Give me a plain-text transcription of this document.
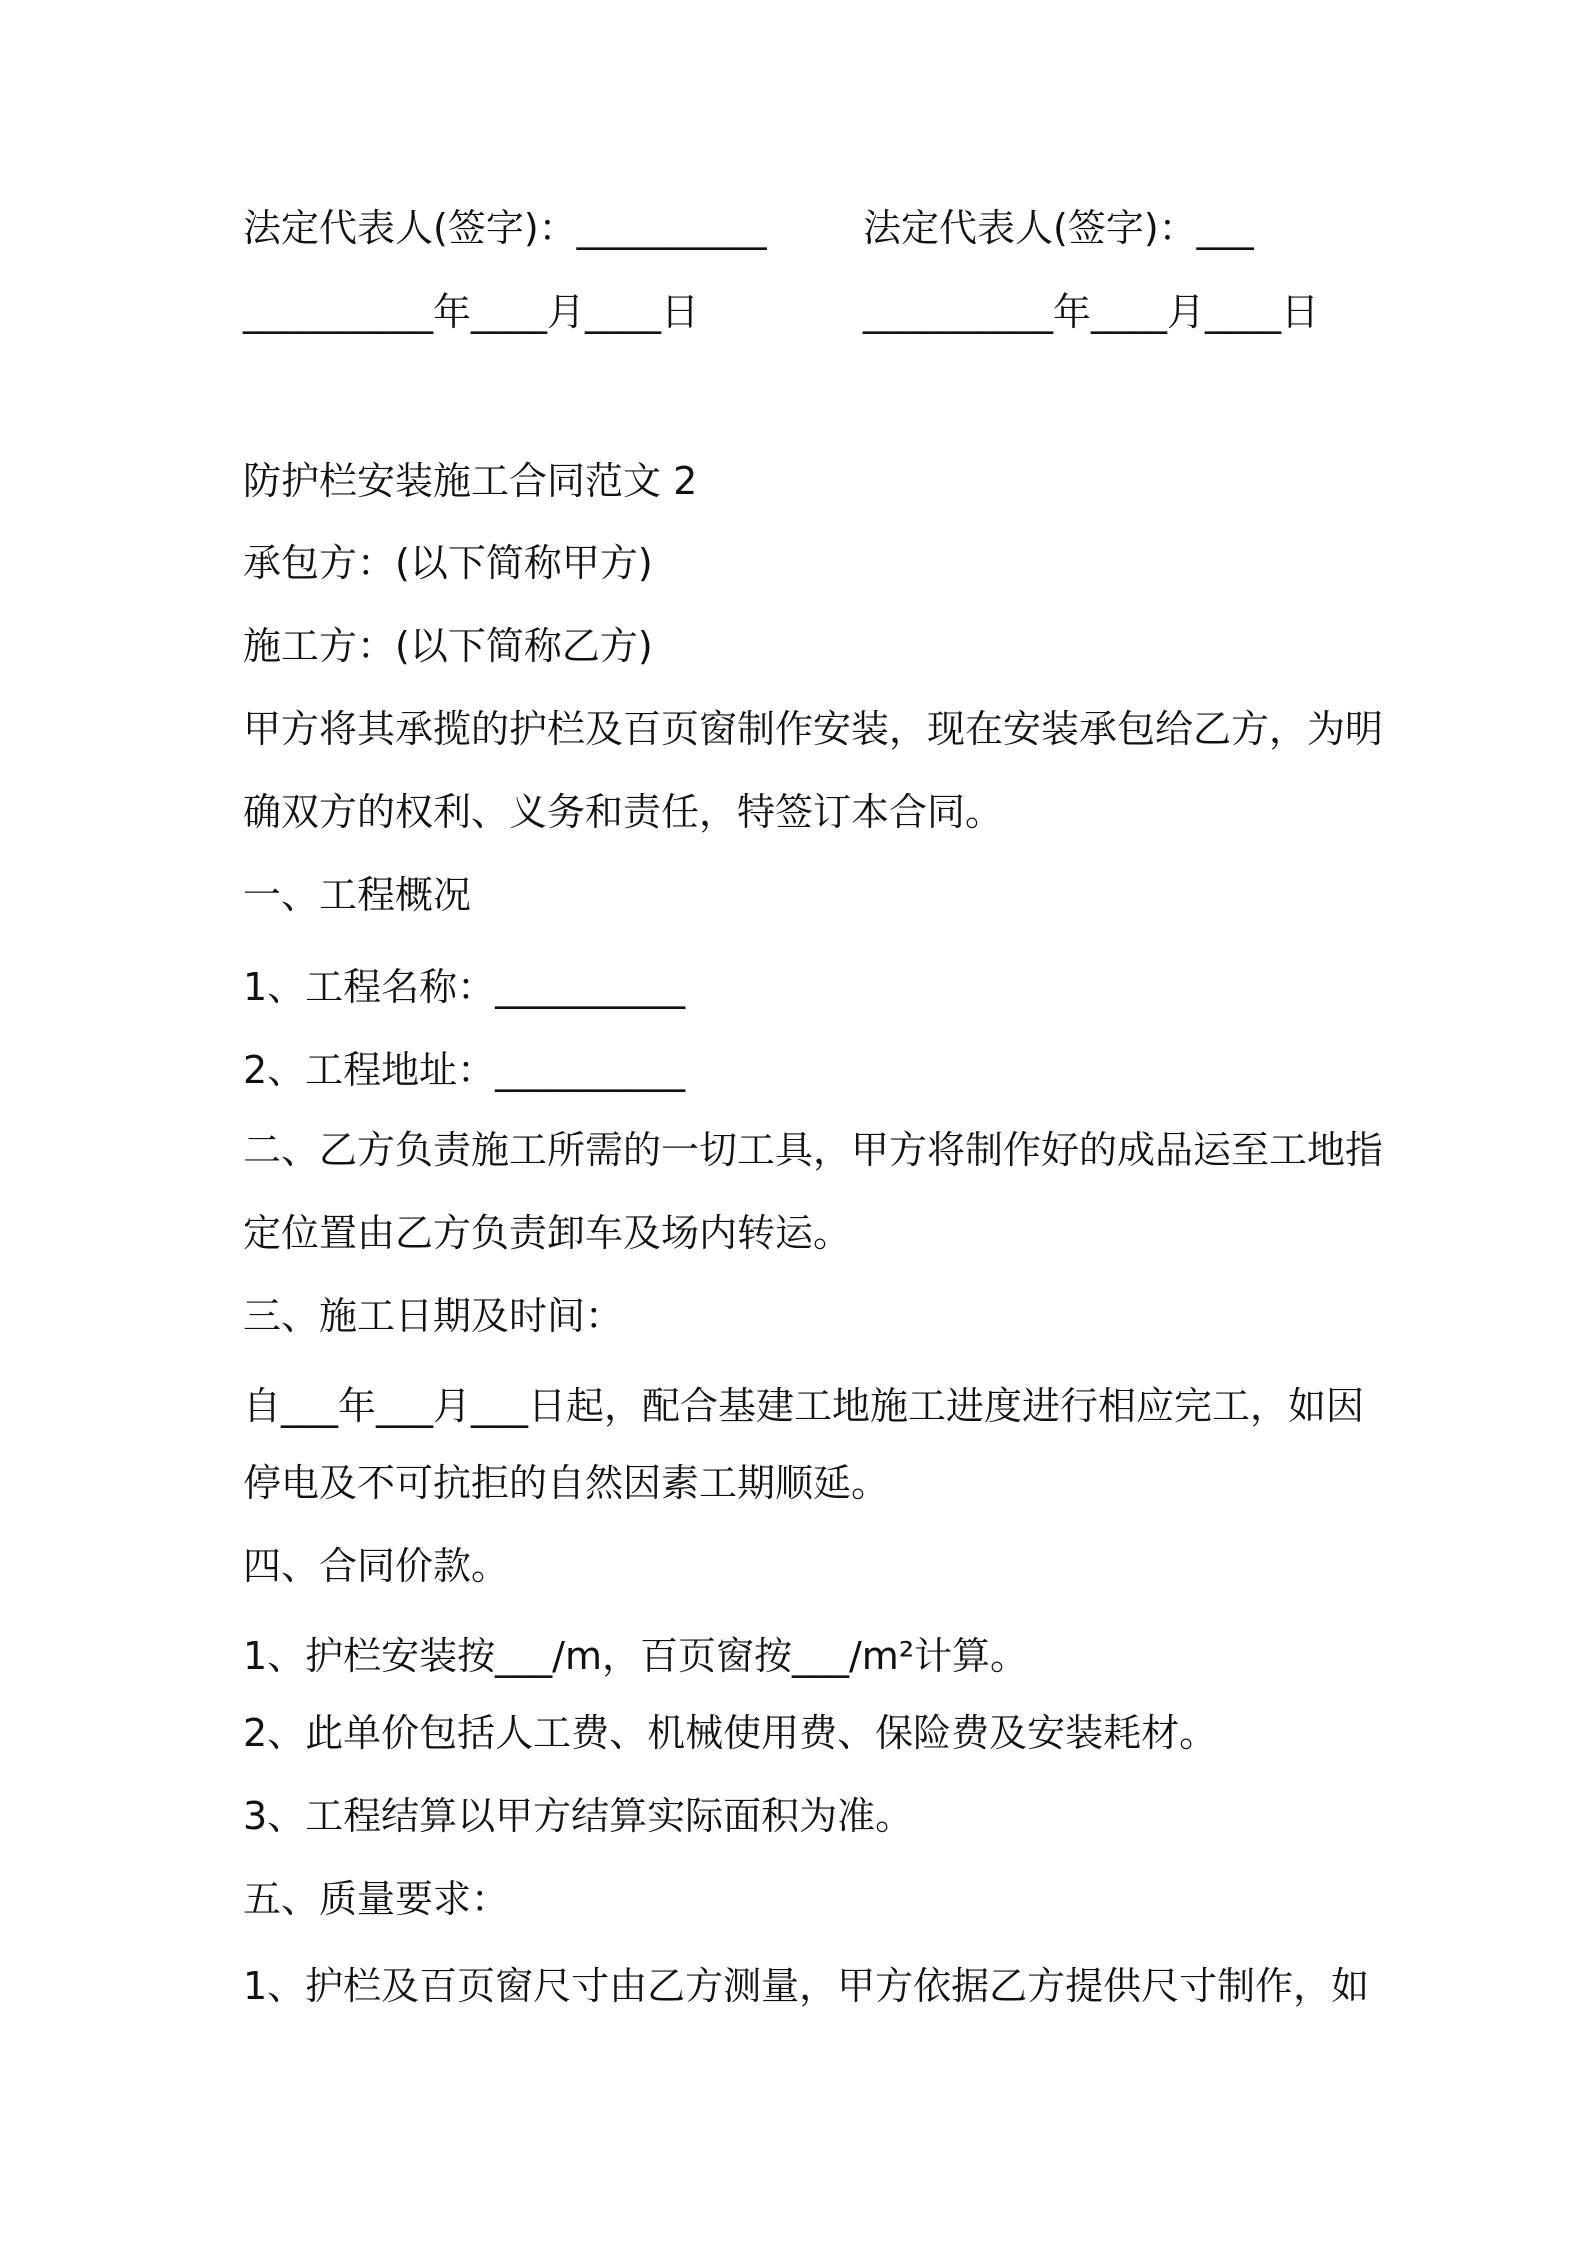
法定代表人(签字)：__________	法定代表人(签字)：___
__________年____月____日	__________年____月____日
防护栏安装施工合同范文 2
承包方：(以下简称甲方)
施工方：(以下简称乙方)
甲方将其承揽的护栏及百页窗制作安装，现在安装承包给乙方，为明
确双方的权利、义务和责任，特签订本合同。
一、工程概况
1、工程名称：__________
2、工程地址：__________
二、乙方负责施工所需的一切工具，甲方将制作好的成品运至工地指
定位置由乙方负责卸车及场内转运。
三、施工日期及时间：
自___年___月___日起，配合基建工地施工进度进行相应完工，如因
停电及不可抗拒的自然因素工期顺延。
四、合同价款。
1、护栏安装按___/m，百页窗按___/m²计算。
2、此单价包括人工费、机械使用费、保险费及安装耗材。
3、工程结算以甲方结算实际面积为准。
五、质量要求：
1、护栏及百页窗尺寸由乙方测量，甲方依据乙方提供尺寸制作，如
